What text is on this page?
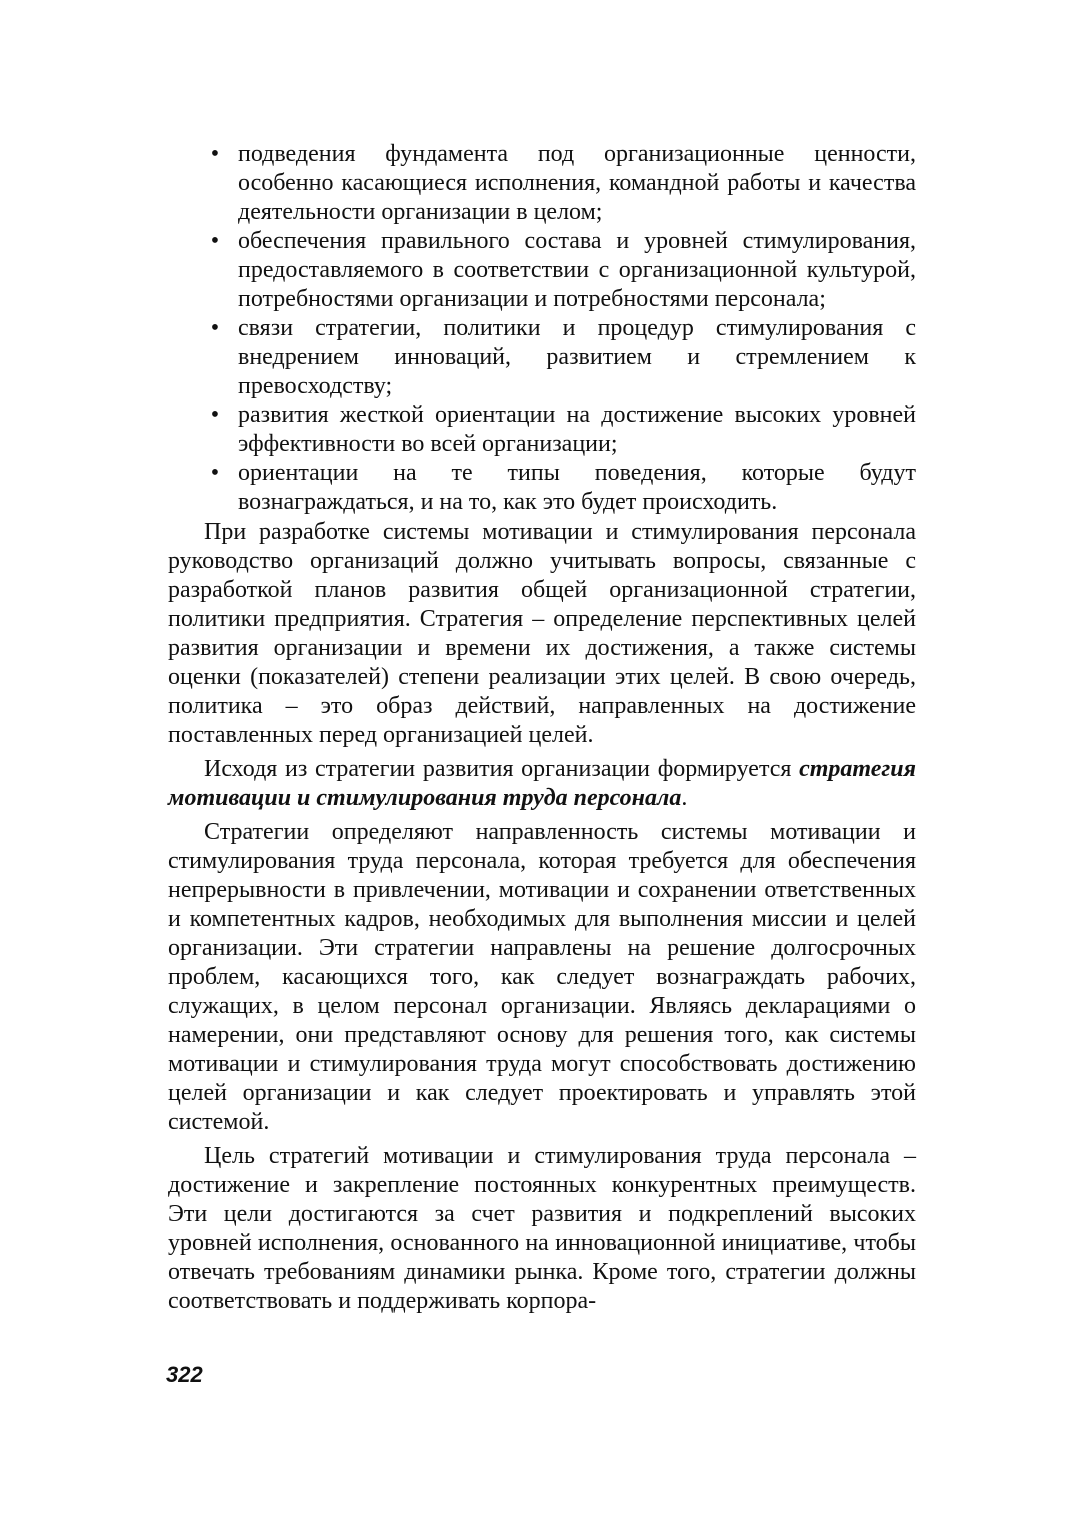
• подведения фундамента под организационные ценности, особенно касающиеся исполнения, командной работы и качества деятельности организации в целом;
• обеспечения правильного состава и уровней стимулирования, предоставляемого в соответствии с организационной культурой, потребностями организации и потребностями персонала;
• связи стратегии, политики и процедур стимулирования с внедрением инноваций, развитием и стремлением к превосходству;
• развития жесткой ориентации на достижение высоких уровней эффективности во всей организации;
• ориентации на те типы поведения, которые будут вознаграждаться, и на то, как это будет происходить.

При разработке системы мотивации и стимулирования персонала руководство организаций должно учитывать вопросы, связанные с разработкой планов развития общей организационной стратегии, политики предприятия. Стратегия – определение перспективных целей развития организации и времени их достижения, а также системы оценки (показателей) степени реализации этих целей. В свою очередь, политика – это образ действий, направленных на достижение поставленных перед организацией целей.

Исходя из стратегии развития организации формируется стратегия мотивации и стимулирования труда персонала.

Стратегии определяют направленность системы мотивации и стимулирования труда персонала, которая требуется для обеспечения непрерывности в привлечении, мотивации и сохранении ответственных и компетентных кадров, необходимых для выполнения миссии и целей организации. Эти стратегии направлены на решение долгосрочных проблем, касающихся того, как следует вознаграждать рабочих, служащих, в целом персонал организации. Являясь декларациями о намерении, они представляют основу для решения того, как системы мотивации и стимулирования труда могут способствовать достижению целей организации и как следует проектировать и управлять этой системой.

Цель стратегий мотивации и стимулирования труда персонала – достижение и закрепление постоянных конкурентных преимуществ. Эти цели достигаются за счет развития и подкреплений высоких уровней исполнения, основанного на инновационной инициативе, чтобы отвечать требованиям динамики рынка. Кроме того, стратегии должны соответствовать и поддерживать корпора-

322
